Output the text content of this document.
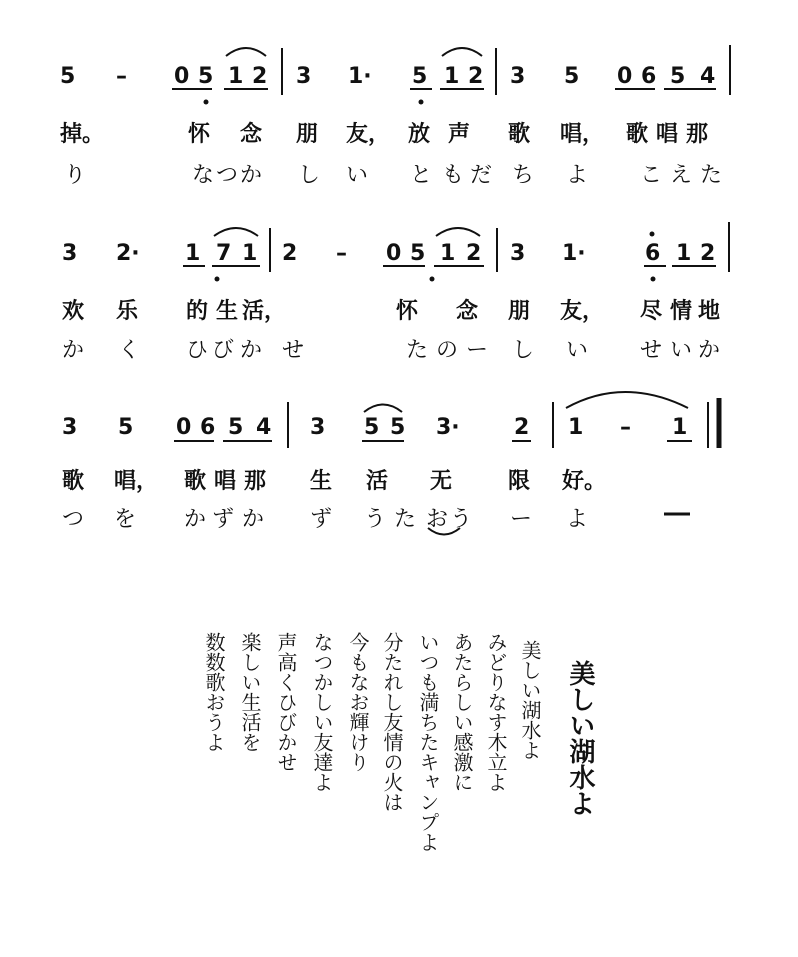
5 – 0 5 1 2 3 1· 5 1 2 3 5 0 6 5 4
掉。	怀 念 朋 友， 放 声 歌 唱， 歌 唱 那
り	な つ か し い と も だ ち よ こ え た
3 2· 1 7 1 2 – 0 5 1 2 3 1·	6 1 2
欢 乐 的 生 活，	怀 念 朋 友， 尽 情 地
か く ひ び か せ	た の ー し い せ い か
3 5 0 6 5 4 3 5 5 3· 2 1 – 1
歌 唱， 歌 唱 那 生 活 无	限 好。
つ を か ず か ず う た お う ー よ
美しい湖水よ
美しい湖水よ
みどりなす木立よ
あたらしい感激に
いつも満ちたキャンプよ
分たれし友情の火は
今もなお輝けり
なつかしい友達よ
声高くひびかせ
楽しい生活を
数数歌おうよ
